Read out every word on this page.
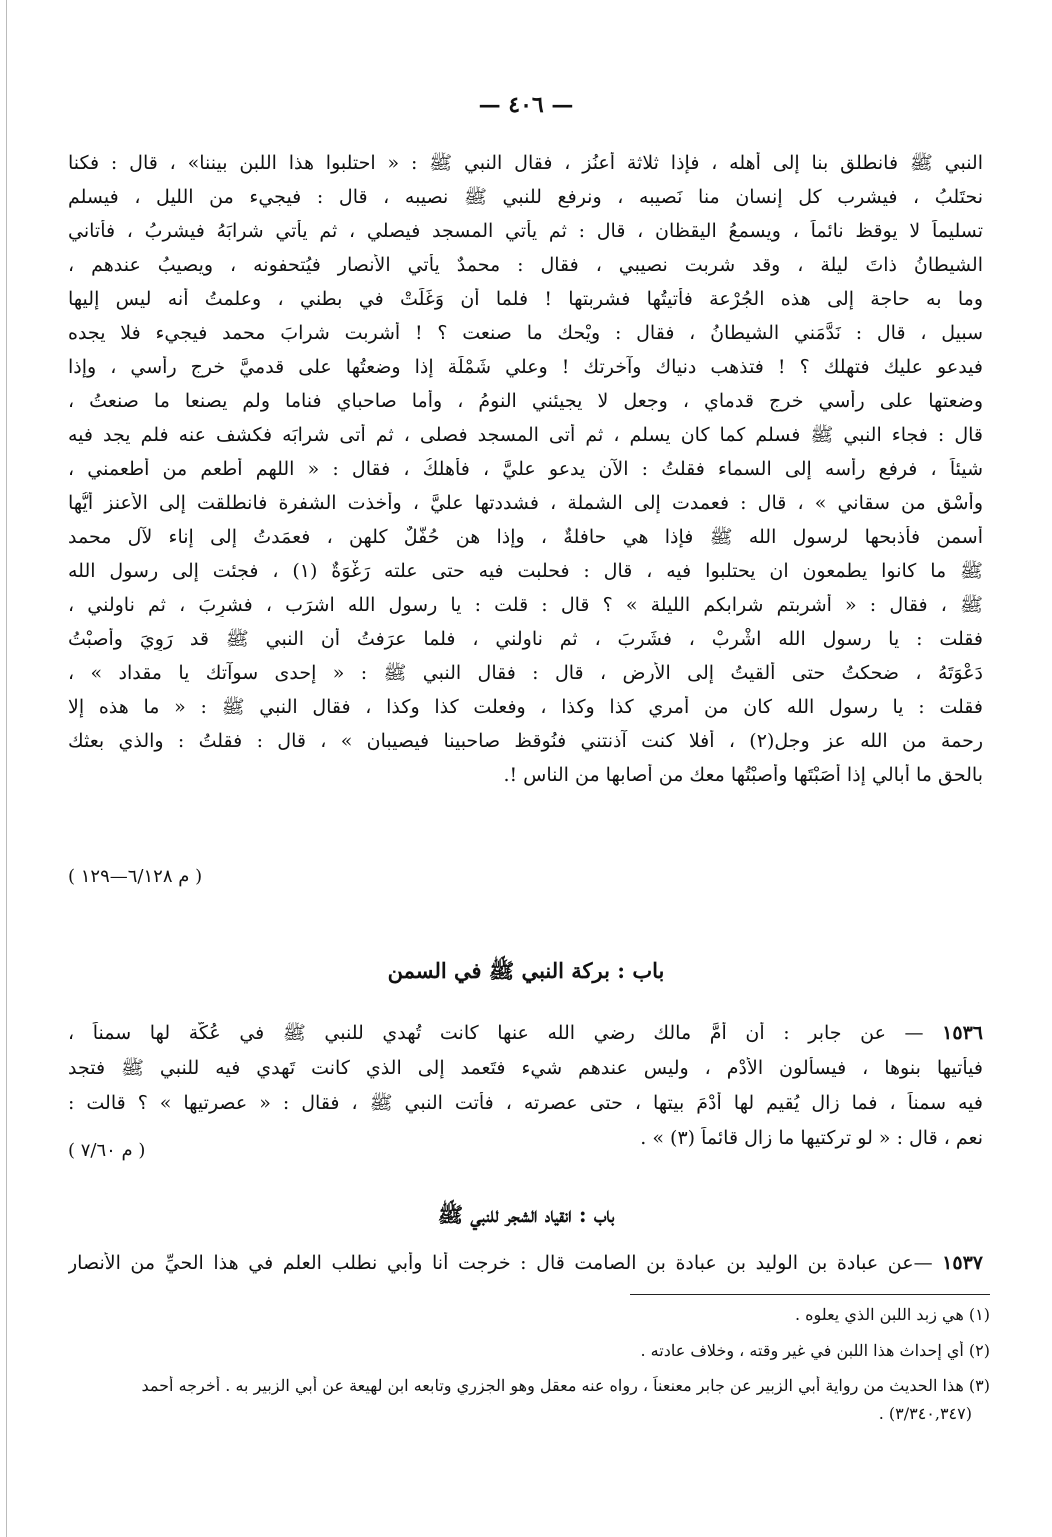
— ٤٠٦ —
النبي ﷺ فانطلق بنا إلى أهله ، فإذا ثلاثة أعنُز ، فقال النبي ﷺ : « احتلبوا هذا اللبن بيننا» ، قال : فكنا
نحتَلبُ ، فيشرب كل إنسان منا نَصيبه ، ونرفع للنبي ﷺ نصيبه ، قال : فيجيء من الليل ، فيسلم
تسليماً لا يوقظ نائماً ، ويسمعُ اليقظان ، قال : ثم يأتي المسجد فيصلي ، ثم يأتي شرابَهُ فيشربُ ، فأتاني
الشيطانُ ذاتَ ليلة ، وقد شربت نصيبي ، فقال : محمدٌ يأتي الأنصار فيُتحفونه ، ويصيبُ عندهم ،
وما به حاجة إلى هذه الجُرْعة فأتيتُها فشربتها ! فلما أن وَغَلَتْ في بطني ، وعلمتُ أنه ليس إليها
سبيل ، قال : نَدَّمَني الشيطانُ ، فقال : ويْحك ما صنعت ؟ ! أشربت شرابَ محمد فيجيء فلا يجده
فيدعو عليك فتهلك ؟ ! فتذهب دنياك وآخرتك ! وعلي شَمْلَة إذا وضعتُها على قدميَّ خرج رأسي ، وإذا
وضعتها على رأسي خرج قدماي ، وجعل لا يجيئني النومُ ، وأما صاحباي فناما ولم يصنعا ما صنعتُ ،
قال : فجاء النبي ﷺ فسلم كما كان يسلم ، ثم أتى المسجد فصلى ، ثم أتى شرابَه فكشف عنه فلم يجد فيه
شيئاً ، فرفع رأسه إلى السماء فقلتُ : الآن يدعو عليَّ ، فأهلكُ ، فقال : « اللهم أطعم من أطعمني ،
وأسْقِ من سقاني » ، قال : فعمدت إلى الشملة ، فشددتها عليَّ ، وأخذت الشفرة فانطلقت إلى الأعنز أيُّها
أسمن فأذبحها لرسول الله ﷺ فإذا هي حافلةٌ ، وإذا هن حُفَّلٌ كلهن ، فعمَدتُ إلى إناء لآل محمد
ﷺ ما كانوا يطمعون ان يحتلبوا فيه ، قال : فحلبت فيه حتى علته رَغْوَةٌ (١) ، فجئت إلى رسول الله
ﷺ ، فقال : « أشربتم شرابكم الليلة » ؟ قال : قلت : يا رسول الله اشرَب ، فشرِبَ ، ثم ناولني ،
فقلت : يا رسول الله اشْربْ ، فشَربَ ، ثم ناولني ، فلما عرَفتُ أن النبي ﷺ قد رَوِيَ وأصبْتُ
دَعْوَتَهُ ، ضحكتُ حتى أُلقيتُ إلى الأرض ، قال : فقال النبي ﷺ : « إحدى سوآتك يا مقداد » ،
فقلت : يا رسول الله كان من أمري كذا وكذا ، وفعلت كذا وكذا ، فقال النبي ﷺ : « ما هذه إلا
رحمة من الله عز وجل(٢) ، أفلا كنت آذنتني فنُوقظ صاحبينا فيصيبان » ، قال : فقلتُ : والذي بعثك
بالحق ما أُبالي إذا أصَبْتَها وأصبْتُها معك من أصابها من الناس !.
( م ٦/١٢٨—١٢٩ )
باب : بركة النبي ﷺ في السمن
١٥٣٦ — عن جابر : أن أمَّ مالك رضي الله عنها كانت تُهدي للنبي ﷺ في عُكَّة لها سمناً ،
فيأتيها بنوها ، فيسألون الأُدْم ، وليس عندهم شيء فتَعمد إلى الذي كانت تَهدي فيه للنبي ﷺ فتجد
فيه سمناً ، فما زال يُقيم لها أُدْمَ بيتها ، حتى عصرته ، فأتت النبي ﷺ ، فقال : « عصرتيها » ؟ قالت :
نعم ، قال : « لو تركتيها ما زال قائماً (٣) » .
( م ٧/٦٠ )
باب : انقياد الشجر للنبي ﷺ
١٥٣٧ —عن عبادة بن الوليد بن عبادة بن الصامت قال : خرجت أنا وأبي نطلب العلم في هذا الحيِّ من الأنصار
(١) هي زبد اللبن الذي يعلوه .
(٢) أي إحداث هذا اللبن في غير وقته ، وخلاف عادته .
(٣) هذا الحديث من رواية أبي الزبير عن جابر معنعناً ، رواه عنه معقل وهو الجزري وتابعه ابن لهيعة عن أبي الزبير به . أخرجه أحمد
(٣/٣٤٠,٣٤٧) .
